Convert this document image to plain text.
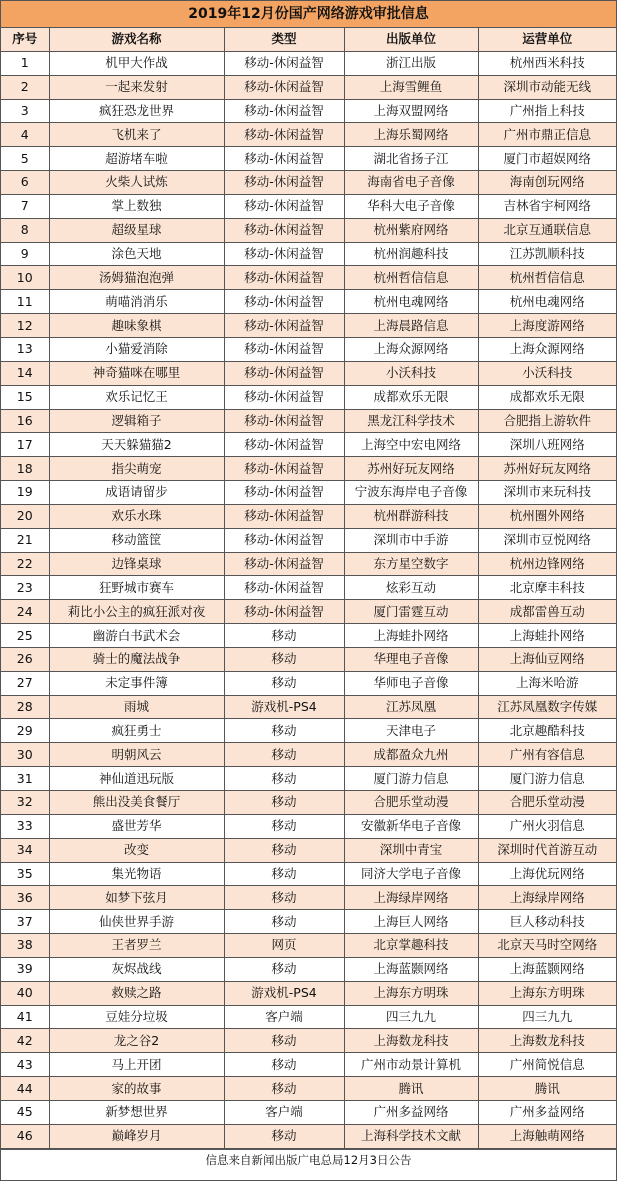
2019年12月份国产网络游戏审批信息
序号	游戏名称	类型	出版单位	运营单位
1	机甲大作战	移动-休闲益智	浙江出版	杭州西米科技
2	一起来发射	移动-休闲益智	上海雪鲤鱼	深圳市动能无线
3	疯狂恐龙世界	移动-休闲益智	上海双盟网络	广州指上科技
4	飞机来了	移动-休闲益智	上海乐蜀网络	广州市鼎正信息
5	超游堵车啦	移动-休闲益智	湖北省扬子江	厦门市超娱网络
6	火柴人试炼	移动-休闲益智	海南省电子音像	海南创玩网络
7	掌上数独	移动-休闲益智	华科大电子音像	吉林省宇柯网络
8	超级星球	移动-休闲益智	杭州紫府网络	北京互通联信息
9	涂色天地	移动-休闲益智	杭州润趣科技	江苏凯顺科技
10	汤姆猫泡泡弹	移动-休闲益智	杭州哲信信息	杭州哲信信息
11	萌喵消消乐	移动-休闲益智	杭州电魂网络	杭州电魂网络
12	趣味象棋	移动-休闲益智	上海晨路信息	上海度游网络
13	小猫爱消除	移动-休闲益智	上海众源网络	上海众源网络
14	神奇猫咪在哪里	移动-休闲益智	小沃科技	小沃科技
15	欢乐记忆王	移动-休闲益智	成都欢乐无限	成都欢乐无限
16	逻辑箱子	移动-休闲益智	黑龙江科学技术	合肥指上游软件
17	天天躲猫猫2	移动-休闲益智	上海空中宏电网络	深圳八班网络
18	指尖萌宠	移动-休闲益智	苏州好玩友网络	苏州好玩友网络
19	成语请留步	移动-休闲益智	宁波东海岸电子音像	深圳市来玩科技
20	欢乐水珠	移动-休闲益智	杭州群游科技	杭州圈外网络
21	移动篮筐	移动-休闲益智	深圳市中手游	深圳市豆悦网络
22	边锋桌球	移动-休闲益智	东方星空数字	杭州边锋网络
23	狂野城市赛车	移动-休闲益智	炫彩互动	北京摩丰科技
24	莉比小公主的疯狂派对夜	移动-休闲益智	厦门雷霆互动	成都雷兽互动
25	幽游白书武术会	移动	上海蛙扑网络	上海蛙扑网络
26	骑士的魔法战争	移动	华理电子音像	上海仙豆网络
27	未定事件簿	移动	华师电子音像	上海米哈游
28	雨城	游戏机-PS4	江苏凤凰	江苏凤凰数字传媒
29	疯狂勇士	移动	天津电子	北京趣酷科技
30	明朝风云	移动	成都盈众九州	广州有容信息
31	神仙道迅玩版	移动	厦门游力信息	厦门游力信息
32	熊出没美食餐厅	移动	合肥乐堂动漫	合肥乐堂动漫
33	盛世芳华	移动	安徽新华电子音像	广州火羽信息
34	改变	移动	深圳中青宝	深圳时代首游互动
35	集光物语	移动	同济大学电子音像	上海优玩网络
36	如梦下弦月	移动	上海绿岸网络	上海绿岸网络
37	仙侠世界手游	移动	上海巨人网络	巨人移动科技
38	王者罗兰	网页	北京掌趣科技	北京天马时空网络
39	灰烬战线	移动	上海蓝颢网络	上海蓝颢网络
40	救赎之路	游戏机-PS4	上海东方明珠	上海东方明珠
41	豆娃分垃圾	客户端	四三九九	四三九九
42	龙之谷2	移动	上海数龙科技	上海数龙科技
43	马上开团	移动	广州市动景计算机	广州简悦信息
44	家的故事	移动	腾讯	腾讯
45	新梦想世界	客户端	广州多益网络	广州多益网络
46	巅峰岁月	移动	上海科学技术文献	上海触萌网络
信息来自新闻出版广电总局12月3日公告
